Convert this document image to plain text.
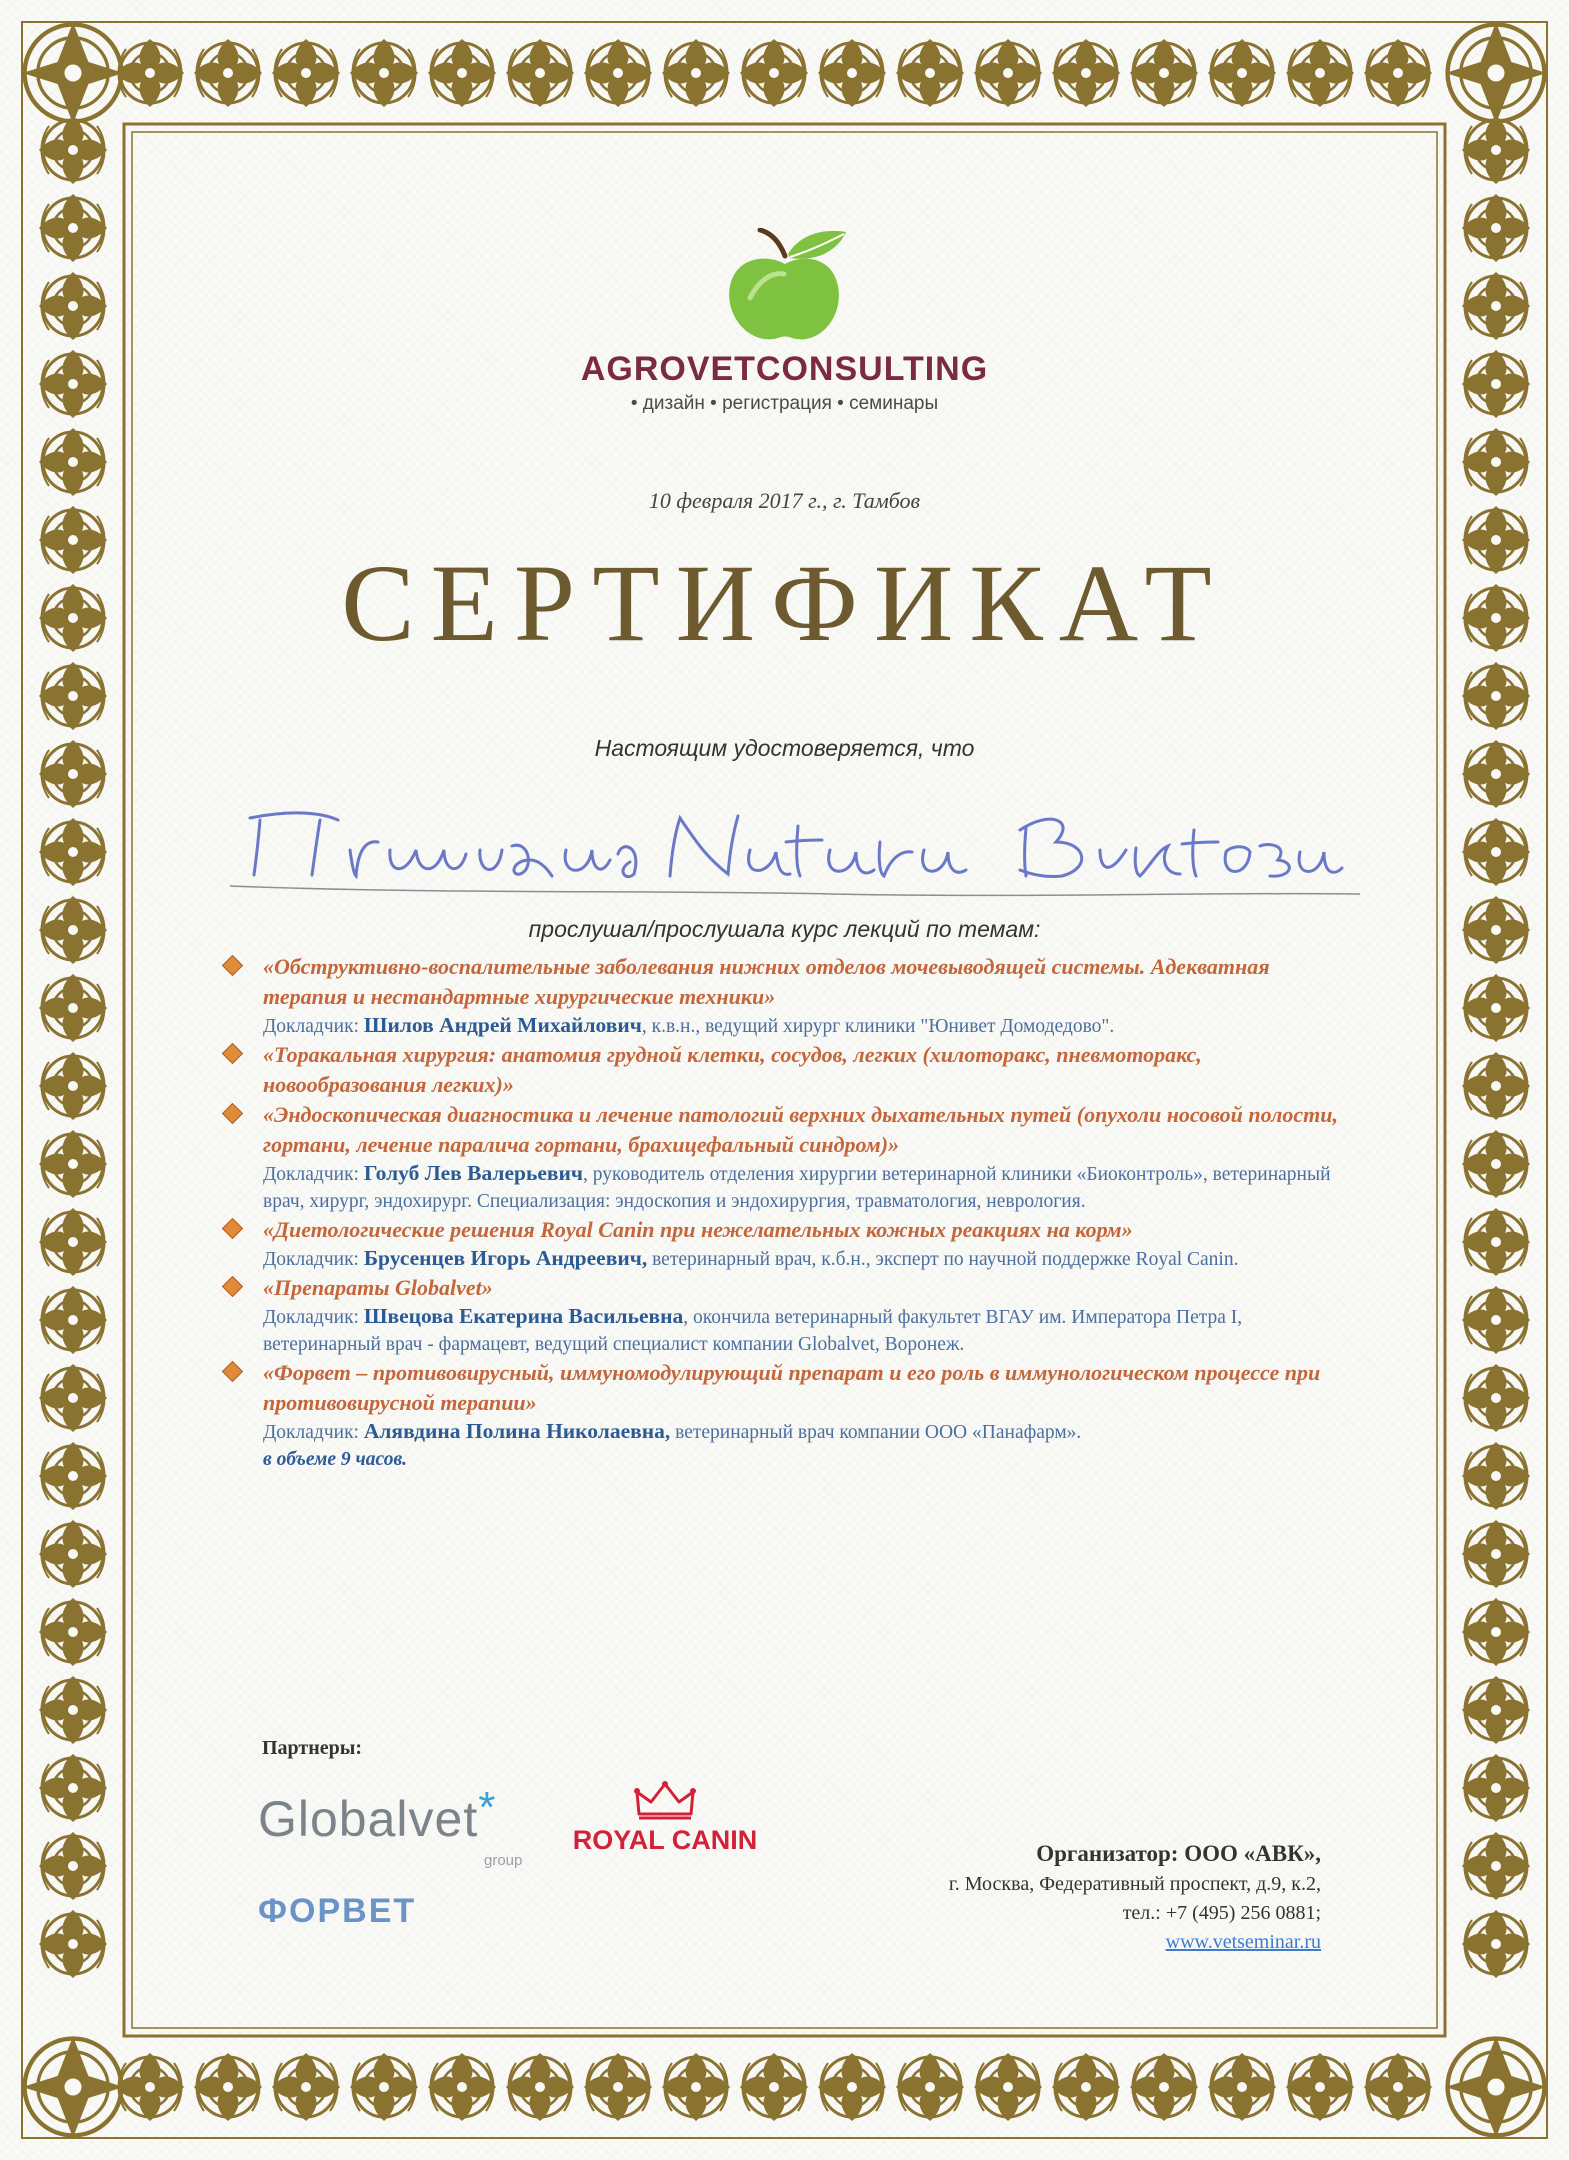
AGROVETCONSULTING
• дизайн • регистрация • семинары
10 февраля 2017 г., г. Тамбов
СЕРТИФИКАТ
Настоящим удостоверяется, что
прослушал/прослушала курс лекций по темам:
«Обструктивно-воспалительные заболевания нижних отделов мочевыводящей системы. Адекватная терапия и нестандартные хирургические техники»
Докладчик: Шилов Андрей Михайлович, к.в.н., ведущий хирург клиники "Юнивет Домодедово".
«Торакальная хирургия: анатомия грудной клетки, сосудов, легких (хилоторакс, пневмоторакс, новообразования легких)»
«Эндоскопическая диагностика и лечение патологий верхних дыхательных путей (опухоли носовой полости, гортани, лечение паралича гортани, брахицефальный синдром)»
Докладчик: Голуб Лев Валерьевич, руководитель отделения хирургии ветеринарной клиники «Биоконтроль», ветеринарный врач, хирург, эндохирург. Специализация: эндоскопия и эндохирургия, травматология, неврология.
«Диетологические решения Royal Canin при нежелательных кожных реакциях на корм»
Докладчик: Брусенцев Игорь Андреевич, ветеринарный врач, к.б.н., эксперт по научной поддержке Royal Canin.
«Препараты Globalvet»
Докладчик: Швецова Екатерина Васильевна, окончила ветеринарный факультет ВГАУ им. Императора Петра I, ветеринарный врач - фармацевт, ведущий специалист компании Globalvet, Воронеж.
«Форвет – противовирусный, иммуномодулирующий препарат и его роль в иммунологическом процессе при противовирусной терапии»
Докладчик: Алявдина Полина Николаевна, ветеринарный врач компании ООО «Панафарм».
в объеме 9 часов.
Партнеры:
Globalvet*
group
ROYAL CANIN
ФОРВЕТ
Организатор: ООО «АВК»,
г. Москва, Федеративный проспект, д.9, к.2,
тел.: +7 (495) 256 0881;
www.vetseminar.ru
